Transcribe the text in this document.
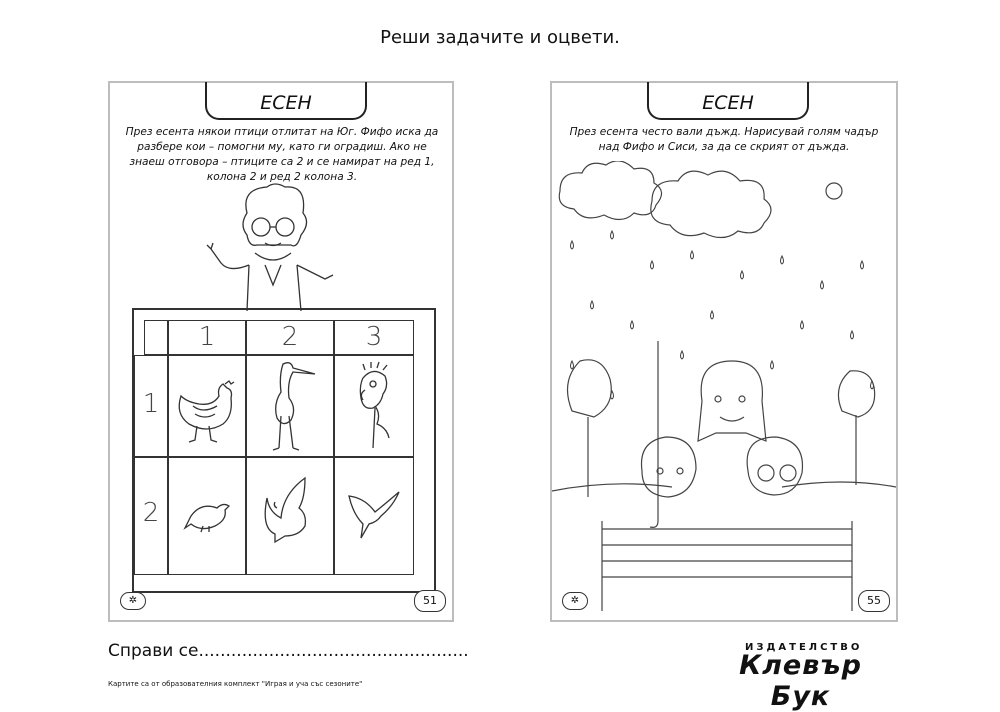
Реши задачите и оцвети.
ЕСЕН
През есента някои птици отлитат на Юг. Фифо иска да разбере кои – помогни му, като ги оградиш. Ако не знаеш отговора – птиците са 2 и се намират на ред 1, колона 2 и ред 2 колона 3.
1	2	3
1
2
✲	51
ЕСЕН
През есента често вали дъжд. Нарисувай голям чадър над Фифо и Сиси, за да се скрият от дъжда.
✲	55
Справи се..................................................
Картите са от образователния комплект "Играя и уча със сезоните"
ИЗДАТЕЛСТВО
Клевър Бук
